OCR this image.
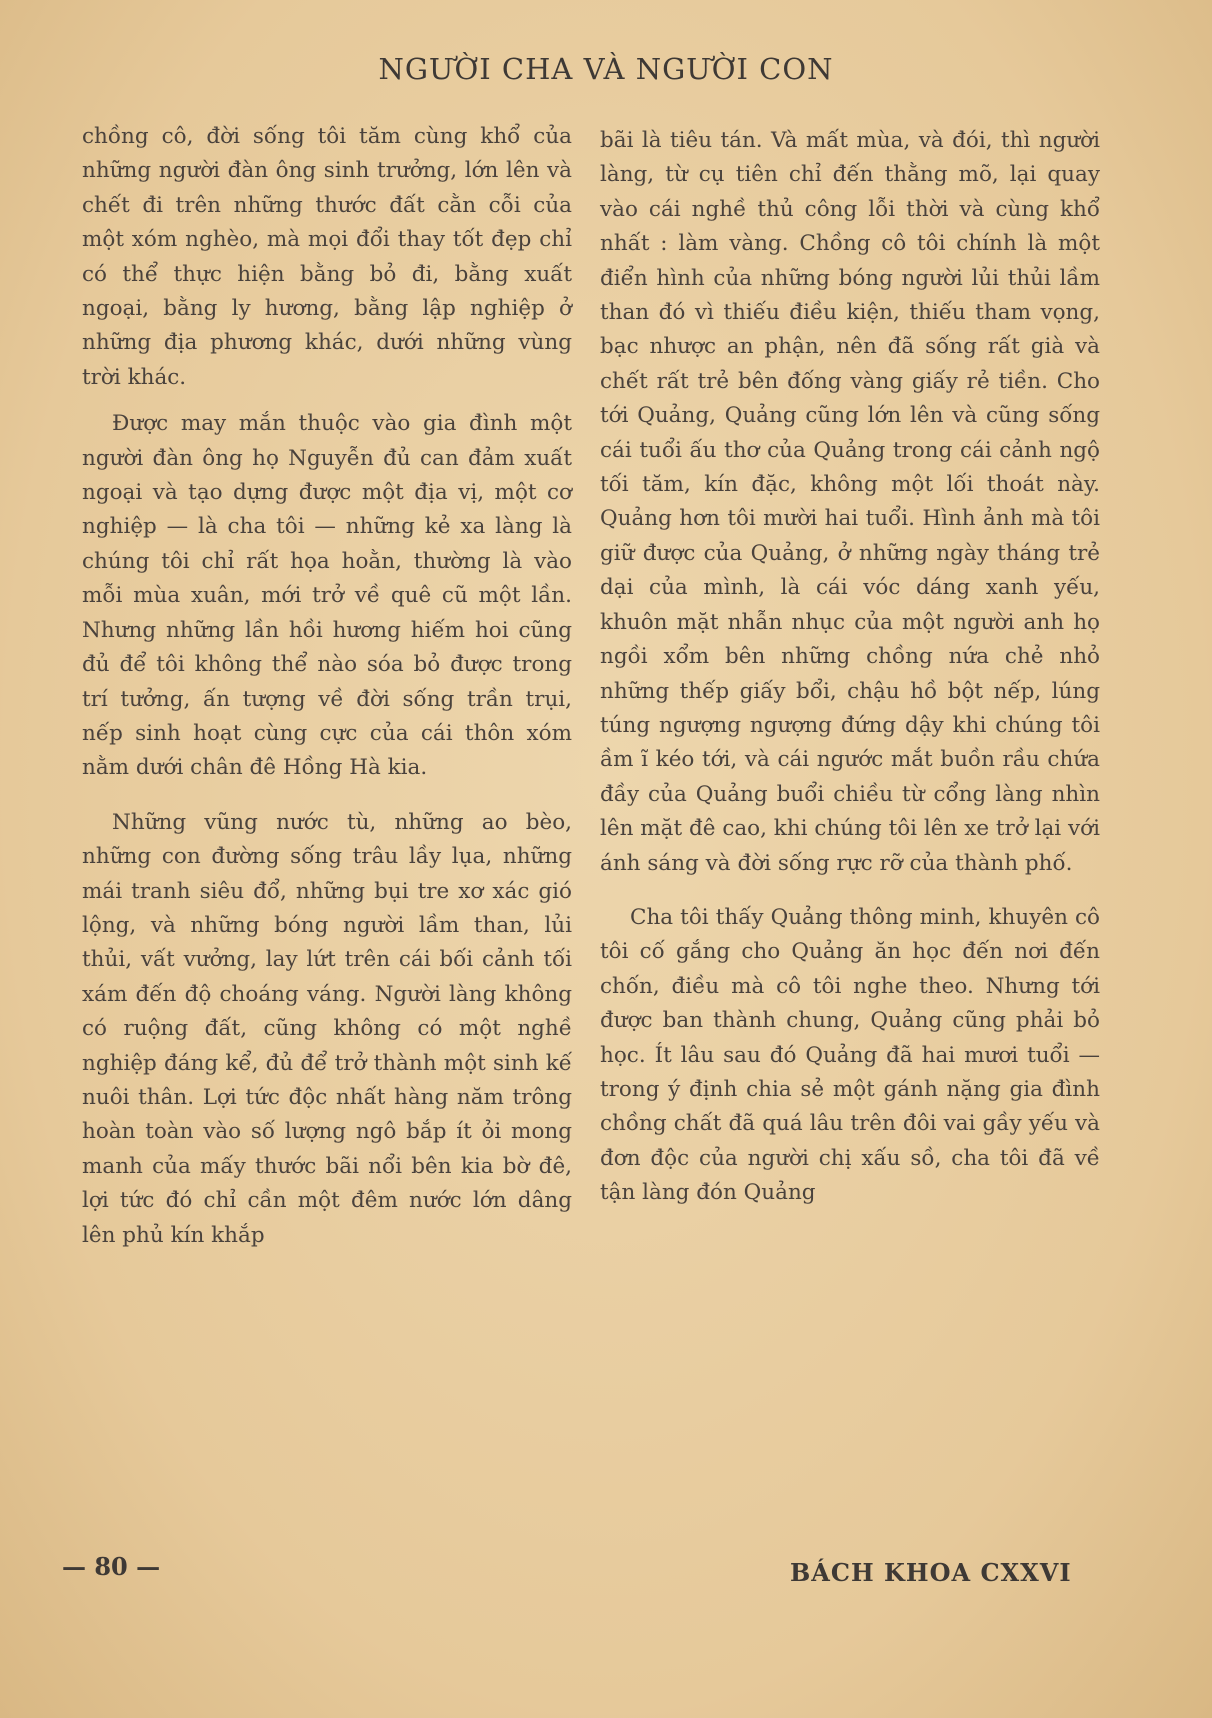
NGƯỜI CHA VÀ NGƯỜI CON

chồng cô, đời sống tôi tăm cùng khổ của những người đàn ông sinh trưởng, lớn lên và chết đi trên những thước đất cằn cỗi của một xóm nghèo, mà mọi đổi thay tốt đẹp chỉ có thể thực hiện bằng bỏ đi, bằng xuất ngoại, bằng ly hương, bằng lập nghiệp ở những địa phương khác, dưới những vùng trời khác.

Được may mắn thuộc vào gia đình một người đàn ông họ Nguyễn đủ can đảm xuất ngoại và tạo dựng được một địa vị, một cơ nghiệp — là cha tôi — những kẻ xa làng là chúng tôi chỉ rất họa hoằn, thường là vào mỗi mùa xuân, mới trở về quê cũ một lần. Nhưng những lần hồi hương hiếm hoi cũng đủ để tôi không thể nào sóa bỏ được trong trí tưởng, ấn tượng về đời sống trần trụi, nếp sinh hoạt cùng cực của cái thôn xóm nằm dưới chân đê Hồng Hà kia.

Những vũng nước tù, những ao bèo, những con đường sống trâu lầy lụa, những mái tranh siêu đổ, những bụi tre xơ xác gió lộng, và những bóng người lầm than, lủi thủi, vất vưởng, lay lứt trên cái bối cảnh tối xám đến độ choáng váng. Người làng không có ruộng đất, cũng không có một nghề nghiệp đáng kể, đủ để trở thành một sinh kế nuôi thân. Lợi tức độc nhất hàng năm trông hoàn toàn vào số lượng ngô bắp ít ỏi mong manh của mấy thước bãi nổi bên kia bờ đê, lợi tức đó chỉ cần một đêm nước lớn dâng lên phủ kín khắp

bãi là tiêu tán. Và mất mùa, và đói, thì người làng, từ cụ tiên chỉ đến thằng mõ, lại quay vào cái nghề thủ công lỗi thời và cùng khổ nhất : làm vàng. Chồng cô tôi chính là một điển hình của những bóng người lủi thủi lầm than đó vì thiếu điều kiện, thiếu tham vọng, bạc nhược an phận, nên đã sống rất già và chết rất trẻ bên đống vàng giấy rẻ tiền. Cho tới Quảng, Quảng cũng lớn lên và cũng sống cái tuổi ấu thơ của Quảng trong cái cảnh ngộ tối tăm, kín đặc, không một lối thoát này. Quảng hơn tôi mười hai tuổi. Hình ảnh mà tôi giữ được của Quảng, ở những ngày tháng trẻ dại của mình, là cái vóc dáng xanh yếu, khuôn mặt nhẫn nhục của một người anh họ ngồi xổm bên những chồng nứa chẻ nhỏ những thếp giấy bổi, chậu hồ bột nếp, lúng túng ngượng ngượng đứng dậy khi chúng tôi ầm ĩ kéo tới, và cái ngước mắt buồn rầu chứa đầy của Quảng buổi chiều từ cổng làng nhìn lên mặt đê cao, khi chúng tôi lên xe trở lại với ánh sáng và đời sống rực rỡ của thành phố.

Cha tôi thấy Quảng thông minh, khuyên cô tôi cố gắng cho Quảng ăn học đến nơi đến chốn, điều mà cô tôi nghe theo. Nhưng tới được ban thành chung, Quảng cũng phải bỏ học. Ít lâu sau đó Quảng đã hai mươi tuổi — trong ý định chia sẻ một gánh nặng gia đình chồng chất đã quá lâu trên đôi vai gầy yếu và đơn độc của người chị xấu sồ, cha tôi đã về tận làng đón Quảng

— 80 —	BÁCH KHOA CXXVI
